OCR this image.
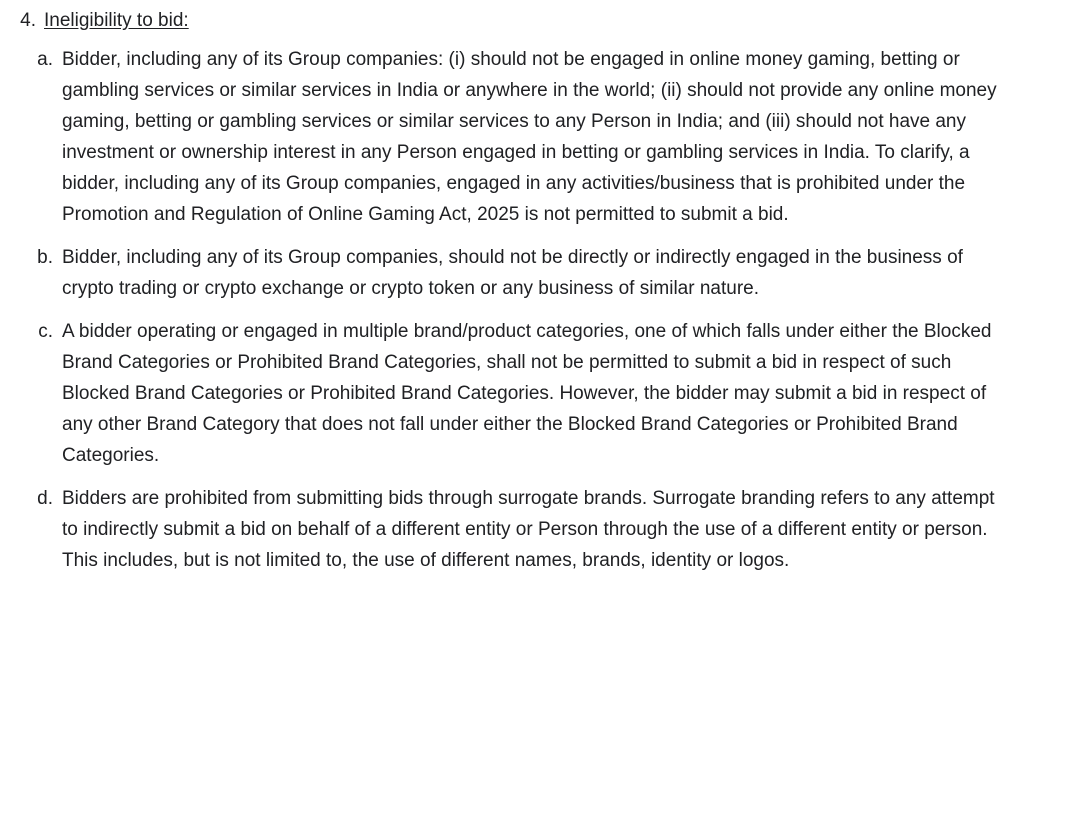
4. Ineligibility to bid:
a. Bidder, including any of its Group companies: (i) should not be engaged in online money gaming, betting or gambling services or similar services in India or anywhere in the world; (ii) should not provide any online money gaming, betting or gambling services or similar services to any Person in India; and (iii) should not have any investment or ownership interest in any Person engaged in betting or gambling services in India. To clarify, a bidder, including any of its Group companies, engaged in any activities/business that is prohibited under the Promotion and Regulation of Online Gaming Act, 2025 is not permitted to submit a bid.
b. Bidder, including any of its Group companies, should not be directly or indirectly engaged in the business of crypto trading or crypto exchange or crypto token or any business of similar nature.
c. A bidder operating or engaged in multiple brand/product categories, one of which falls under either the Blocked Brand Categories or Prohibited Brand Categories, shall not be permitted to submit a bid in respect of such Blocked Brand Categories or Prohibited Brand Categories. However, the bidder may submit a bid in respect of any other Brand Category that does not fall under either the Blocked Brand Categories or Prohibited Brand Categories.
d. Bidders are prohibited from submitting bids through surrogate brands. Surrogate branding refers to any attempt to indirectly submit a bid on behalf of a different entity or Person through the use of a different entity or person. This includes, but is not limited to, the use of different names, brands, identity or logos.
